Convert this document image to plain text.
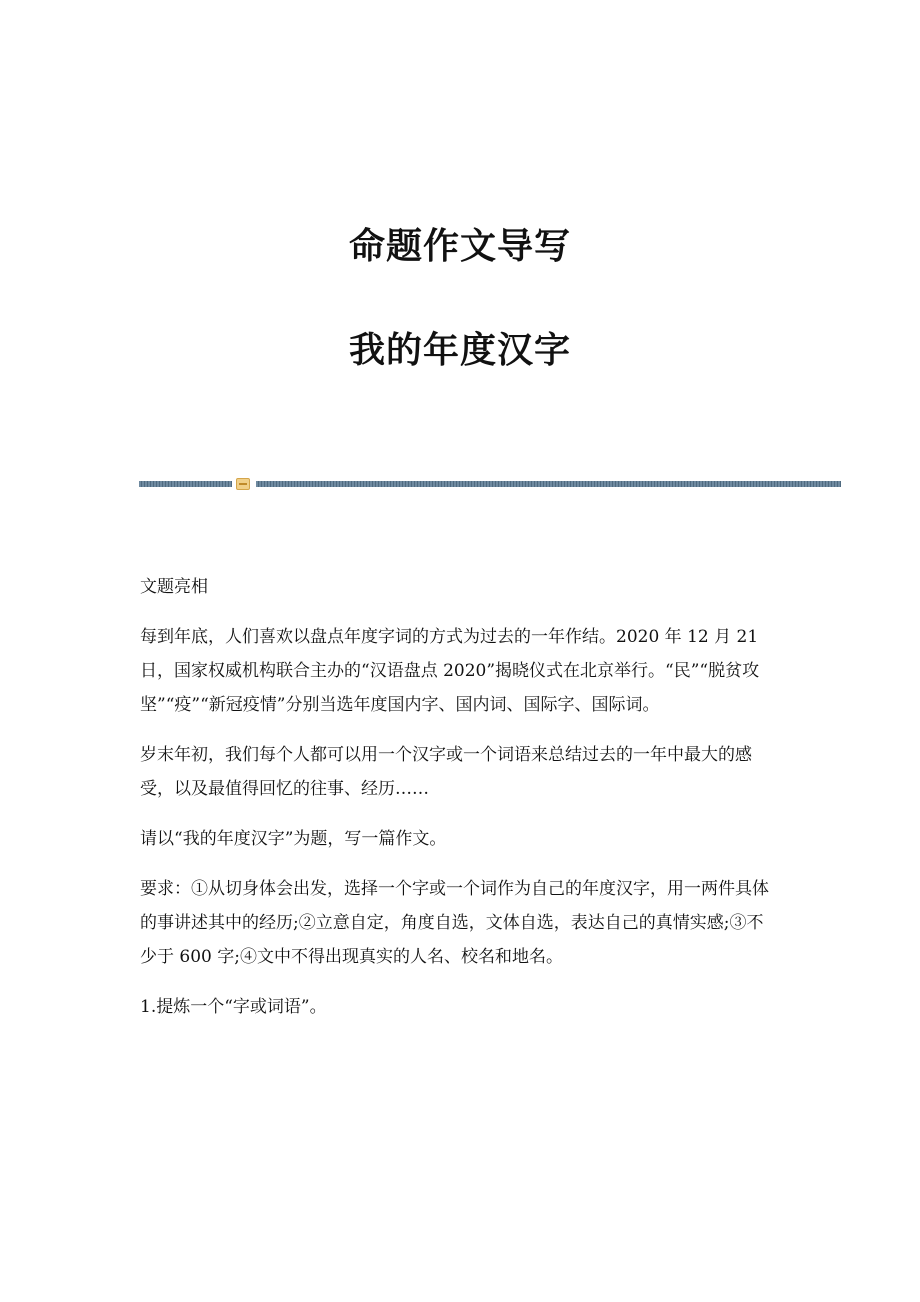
命题作文导写
我的年度汉字

文题亮相

每到年底，人们喜欢以盘点年度字词的方式为过去的一年作结。2020 年 12 月 21 日，国家权威机构联合主办的“汉语盘点 2020”揭晓仪式在北京举行。“民”“脱贫攻坚”“疫”“新冠疫情”分别当选年度国内字、国内词、国际字、国际词。

岁末年初，我们每个人都可以用一个汉字或一个词语来总结过去的一年中最大的感受，以及最值得回忆的往事、经历……

请以“我的年度汉字”为题，写一篇作文。

要求：①从切身体会出发，选择一个字或一个词作为自己的年度汉字，用一两件具体的事讲述其中的经历;②立意自定，角度自选，文体自选，表达自己的真情实感;③不少于 600 字;④文中不得出现真实的人名、校名和地名。

1.提炼一个“字或词语”。
